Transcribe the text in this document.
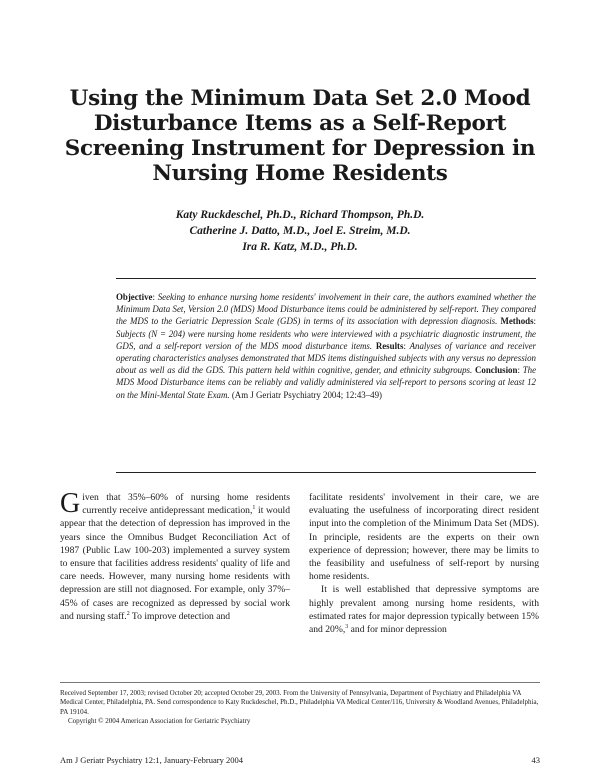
Using the Minimum Data Set 2.0 Mood
Disturbance Items as a Self-Report
Screening Instrument for Depression in
Nursing Home Residents
Katy Ruckdeschel, Ph.D., Richard Thompson, Ph.D.
Catherine J. Datto, M.D., Joel E. Streim, M.D.
Ira R. Katz, M.D., Ph.D.
Objective: Seeking to enhance nursing home residents' involvement in their care, the authors examined whether the Minimum Data Set, Version 2.0 (MDS) Mood Disturbance items could be administered by self-report. They compared the MDS to the Geriatric Depression Scale (GDS) in terms of its association with depression diagnosis. Methods: Subjects (N = 204) were nursing home residents who were interviewed with a psychiatric diagnostic instrument, the GDS, and a self-report version of the MDS mood disturbance items. Results: Analyses of variance and receiver operating characteristics analyses demonstrated that MDS items distinguished subjects with any versus no depression about as well as did the GDS. This pattern held within cognitive, gender, and ethnicity subgroups. Conclusion: The MDS Mood Disturbance items can be reliably and validly administered via self-report to persons scoring at least 12 on the Mini-Mental State Exam. (Am J Geriatr Psychiatry 2004; 12:43–49)

Given that 35%–60% of nursing home residents currently receive antidepressant medication,$^1$ it would appear that the detection of depression has improved in the years since the Omnibus Budget Reconciliation Act of 1987 (Public Law 100-203) implemented a survey system to ensure that facilities address residents' quality of life and care needs. However, many nursing home residents with depression are still not diagnosed. For example, only 37%–45% of cases are recognized as depressed by social work and nursing staff.$^2$ To improve detection and

facilitate residents' involvement in their care, we are evaluating the usefulness of incorporating direct resident input into the completion of the Minimum Data Set (MDS). In principle, residents are the experts on their own experience of depression; however, there may be limits to the feasibility and usefulness of self-report by nursing home residents.

It is well established that depressive symptoms are highly prevalent among nursing home residents, with estimated rates for major depression typically between 15% and 20%,$^3$ and for minor depression

Received September 17, 2003; revised October 20; accepted October 29, 2003. From the University of Pennsylvania, Department of Psychiatry and Philadelphia VA Medical Center, Philadelphia, PA. Send correspondence to Katy Ruckdeschel, Ph.D., Philadelphia VA Medical Center/116, University & Woodland Avenues, Philadelphia, PA 19104.
Copyright © 2004 American Association for Geriatric Psychiatry
Am J Geriatr Psychiatry 12:1, January-February 2004	43
